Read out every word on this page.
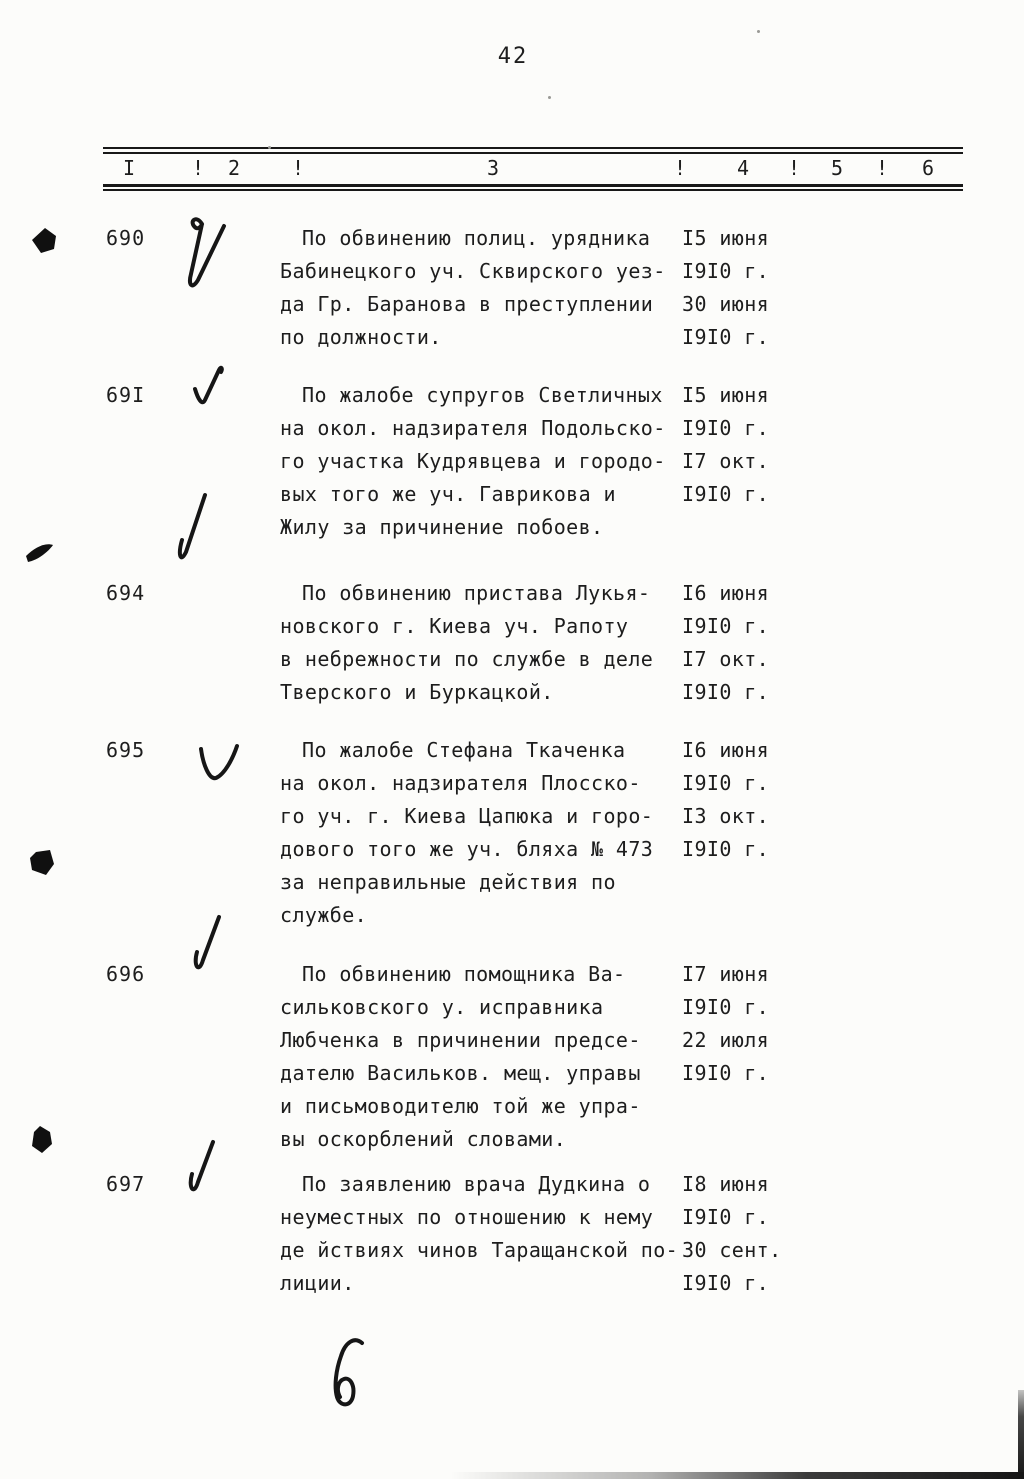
42
I	! 2	!	3	!	4 ! 5 ! 6
690	По обвинению полиц. урядника I5 июня
Бабинецкого уч. Сквирского уез- I9I0 г.
да Гр. Баранова в преступлении 30 июня
по должности.	I9I0 г.
69I	По жалобе супругов Светличных I5 июня
на окол. надзирателя Подольско- I9I0 г.
го участка Кудрявцева и городо- I7 окт.
вых того же уч. Гаврикова и	I9I0 г.
Жилу за причинение побоев.
694	По обвинению пристава Лукья- I6 июня
новского г. Киева уч. Рапоту	I9I0 г.
в небрежности по службе в деле I7 окт.
Тверского и Буркацкой.	I9I0 г.
695	По жалобе Стефана Ткаченка	I6 июня
на окол. надзирателя Плосско- I9I0 г.
го уч. г. Киева Цапюка и горо- I3 окт.
дового того же уч. бляха № 473 I9I0 г.
за неправильные действия по
службе.
696	По обвинению помощника Ва-	I7 июня
сильковского у. исправника	I9I0 г.
Любченка в причинении предсе- 22 июля
дателю Васильков. мещ. управы I9I0 г.
и письмоводителю той же упра-
вы оскорблений словами.
697	По заявлению врача Дудкина о I8 июня
неуместных по отношению к нему I9I0 г.
де йствиях чинов Таращанской по- 30 сент.
лиции.	I9I0 г.
